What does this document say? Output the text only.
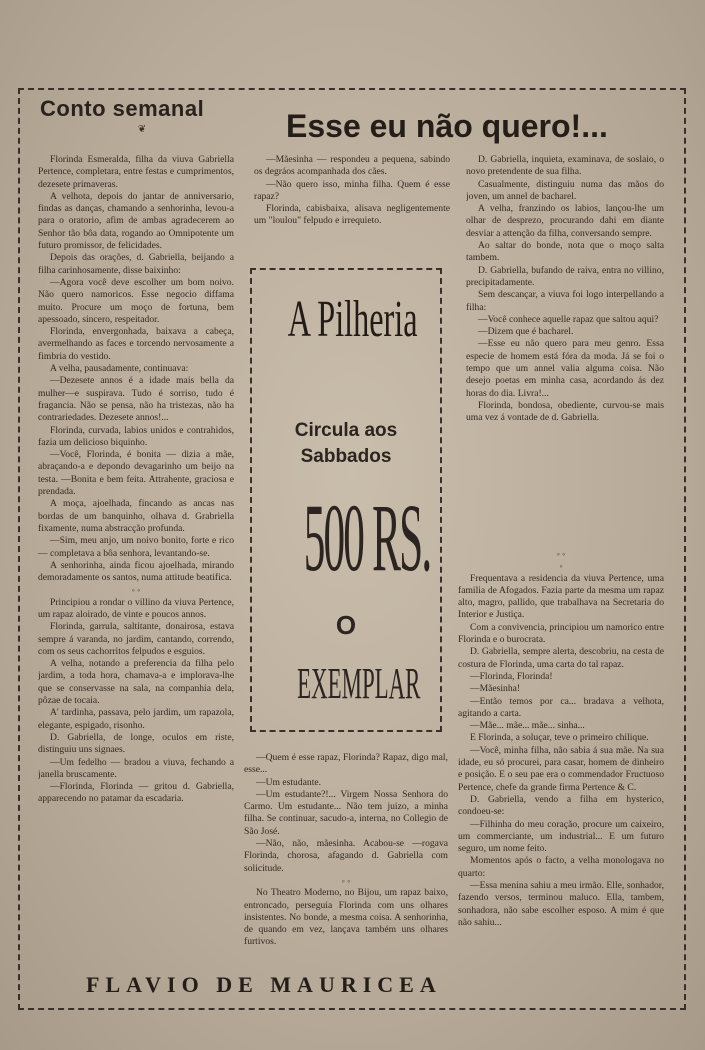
Conto semanal
❦	Esse eu não quero!...

Florinda Esmeralda, filha da viuva Gabriella Pertence, completara, entre festas e cumprimentos, dezesete primaveras.

A velhota, depois do jantar de anniversario, findas as danças, chamando a senhorinha, levou-a para o oratorio, afim de ambas agradecerem ao Senhor tão bôa data, rogando ao Omnipotente um futuro promissor, de felicidades.

Depois das orações, d. Gabriella, beijando a filha carinhosamente, disse baixinho:

—Agora você deve escolher um bom noivo. Não quero namoricos. Esse negocio diffama muito. Procure um moço de fortuna, bem apessoado, sincero, respeitador.

Florinda, envergonhada, baixava a cabeça, avermelhando as faces e torcendo nervosamente a fimbria do vestido.

A velha, pausadamente, continuava:

—Dezesete annos é a idade mais bella da mulher—e suspirava. Tudo é sorriso, tudo é fragancia. Não se pensa, não ha tristezas, não ha contrariedades. Dezesete annos!...

Florinda, curvada, labios unidos e contrahidos, fazia um delicioso biquinho.

—Você, Florinda, é bonita — dizia a mãe, abraçando-a e depondo devagarinho um beijo na testa. —Bonita e bem feita. Attrahente, graciosa e prendada.

A moça, ajoelhada, fincando as ancas nas bordas de um banquinho, olhava d. Grabriella fixamente, numa abstracção profunda.

—Sim, meu anjo, um noivo bonito, forte e rico — completava a bôa senhora, levantando-se.

A senhorinha, ainda ficou ajoelhada, mirando demoradamente os santos, numa attitude beatifica.

◦ ◦

Principiou a rondar o villino da viuva Pertence, um rapaz aloirado, de vinte e poucos annos.

Florinda, garrula, saltitante, donairosa, estava sempre á varanda, no jardim, cantando, correndo, com os seus cachorritos felpudos e esguios.

A velha, notando a preferencia da filha pelo jardim, a toda hora, chamava-a e implorava-lhe que se conservasse na sala, na companhia dela, pôzae de tocaia.

A' tardinha, passava, pelo jardim, um rapazola, elegante, espigado, risonho.

D. Gabriella, de longe, oculos em riste, distinguiu uns signaes.

—Um fedelho — bradou a viuva, fechando a janella bruscamente.

—Florinda, Florinda — gritou d. Gabriella, apparecendo no patamar da escadaria.

—Mãesinha — respondeu a pequena, sabindo os degráos acompanhada dos cães.

—Não quero isso, minha filha. Quem é esse rapaz?

Florinda, cabisbaixa, alisava negligentemente um "loulou" felpudo e irrequieto.

A Pilheria
Circula aos
Sabbados
500 RS.
O
EXEMPLAR

—Quem é esse rapaz, Florinda? Rapaz, digo mal, esse...

—Um estudante.

—Um estudante?!... Virgem Nossa Senhora do Carmo. Um estudante... Não tem juizo, a minha filha. Se continuar, sacudo-a, interna, no Collegio de São José.

—Não, não, mãesinha. Acabou-se —rogava Florinda, chorosa, afagando d. Gabriella com solicitude.

◦ ◦

No Theatro Moderno, no Bijou, um rapaz baixo, entroncado, perseguia Florinda com uns olhares insistentes. No bonde, a mesma coisa. A senhorinha, de quando em vez, lançava também uns olhares furtivos.

D. Gabriella, inquieta, examinava, de soslaio, o novo pretendente de sua filha.

Casualmente, distinguiu numa das mãos do joven, um annel de bacharel.

A velha, franzindo os labios, lançou-lhe um olhar de desprezo, procurando dahi em diante desviar a attenção da filha, conversando sempre.

Ao saltar do bonde, nota que o moço salta tambem.

D. Gabriella, bufando de raiva, entra no villino, precipitadamente.

Sem descançar, a viuva foi logo interpellando a filha:

—Você conhece aquelle rapaz que saltou aqui?

—Dizem que é bacharel.

—Esse eu não quero para meu genro. Essa especie de homem está fóra da moda. Já se foi o tempo que um annel valia alguma coisa. Não desejo poetas em minha casa, acordando ás dez horas do dia. Livra!...

Florinda, bondosa, obediente, curvou-se mais uma vez á vontade de d. Gabriella.

◦ ◦
◦

Frequentava a residencia da viuva Pertence, uma familia de Afogados. Fazia parte da mesma um rapaz alto, magro, pallido, que trabalhava na Secretaria do Interior e Justiça.

Com a convivencia, principiou um namorico entre Florinda e o burocrata.

D. Gabriella, sempre alerta, descobriu, na cesta de costura de Florinda, uma carta do tal rapaz.

—Florinda, Florinda!

—Mãesinha!

—Então temos por ca... bradava a velhota, agitando a carta.

—Mãe... mãe... mãe... sinha...

E Florinda, a soluçar, teve o primeiro chilique.

—Você, minha filha, não sabia á sua mãe. Na sua idade, eu só procurei, para casar, homem de dinheiro e posição. E o seu pae era o commendador Fructuoso Pertence, chefe da grande firma Pertence & C.

D. Gabriella, vendo a filha em hysterico, condoeu-se:

—Filhinha do meu coração, procure um caixeiro, um commerciante, um industrial... E um futuro seguro, um nome feito.

Momentos após o facto, a velha monologava no quarto:

—Essa menina sahiu a meu irmão. Elle, sonhador, fazendo versos, terminou maluco. Ella, tambem, sonhadora, não sabe escolher esposo. A mim é que não sahiu...

FLAVIO DE MAURICEA
